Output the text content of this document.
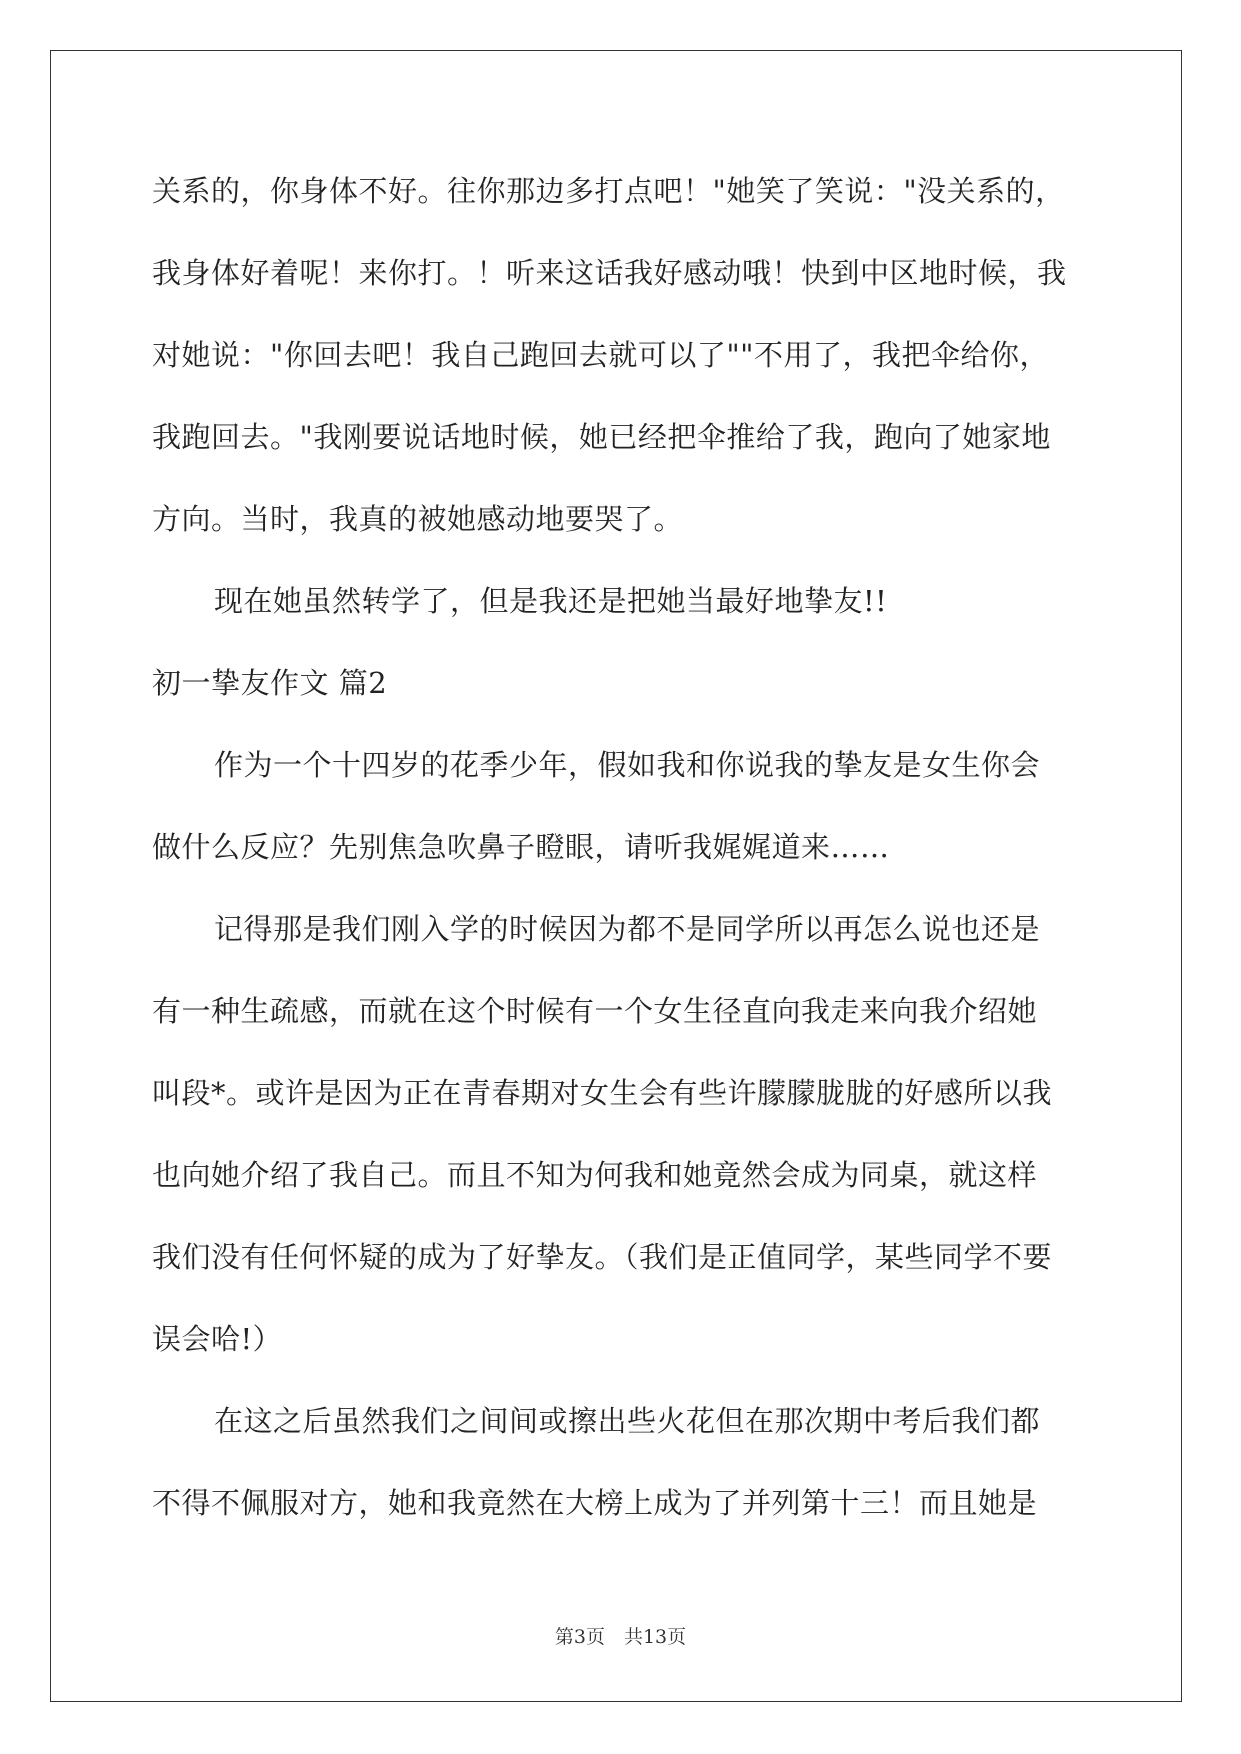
关系的，你身体不好。往你那边多打点吧！"她笑了笑说："没关系的，
我身体好着呢！来你打。！听来这话我好感动哦！快到中区地时候，我
对她说："你回去吧！我自己跑回去就可以了""不用了，我把伞给你，
我跑回去。"我刚要说话地时候，她已经把伞推给了我，跑向了她家地
方向。当时，我真的被她感动地要哭了。
现在她虽然转学了，但是我还是把她当最好地挚友!!
初一挚友作文 篇2
作为一个十四岁的花季少年，假如我和你说我的挚友是女生你会
做什么反应？先别焦急吹鼻子瞪眼，请听我娓娓道来……
记得那是我们刚入学的时候因为都不是同学所以再怎么说也还是
有一种生疏感，而就在这个时候有一个女生径直向我走来向我介绍她
叫段*。或许是因为正在青春期对女生会有些许朦朦胧胧的好感所以我
也向她介绍了我自己。而且不知为何我和她竟然会成为同桌，就这样
我们没有任何怀疑的成为了好挚友。（我们是正值同学，某些同学不要
误会哈!）
在这之后虽然我们之间间或擦出些火花但在那次期中考后我们都
不得不佩服对方，她和我竟然在大榜上成为了并列第十三！而且她是
第3页　共13页
